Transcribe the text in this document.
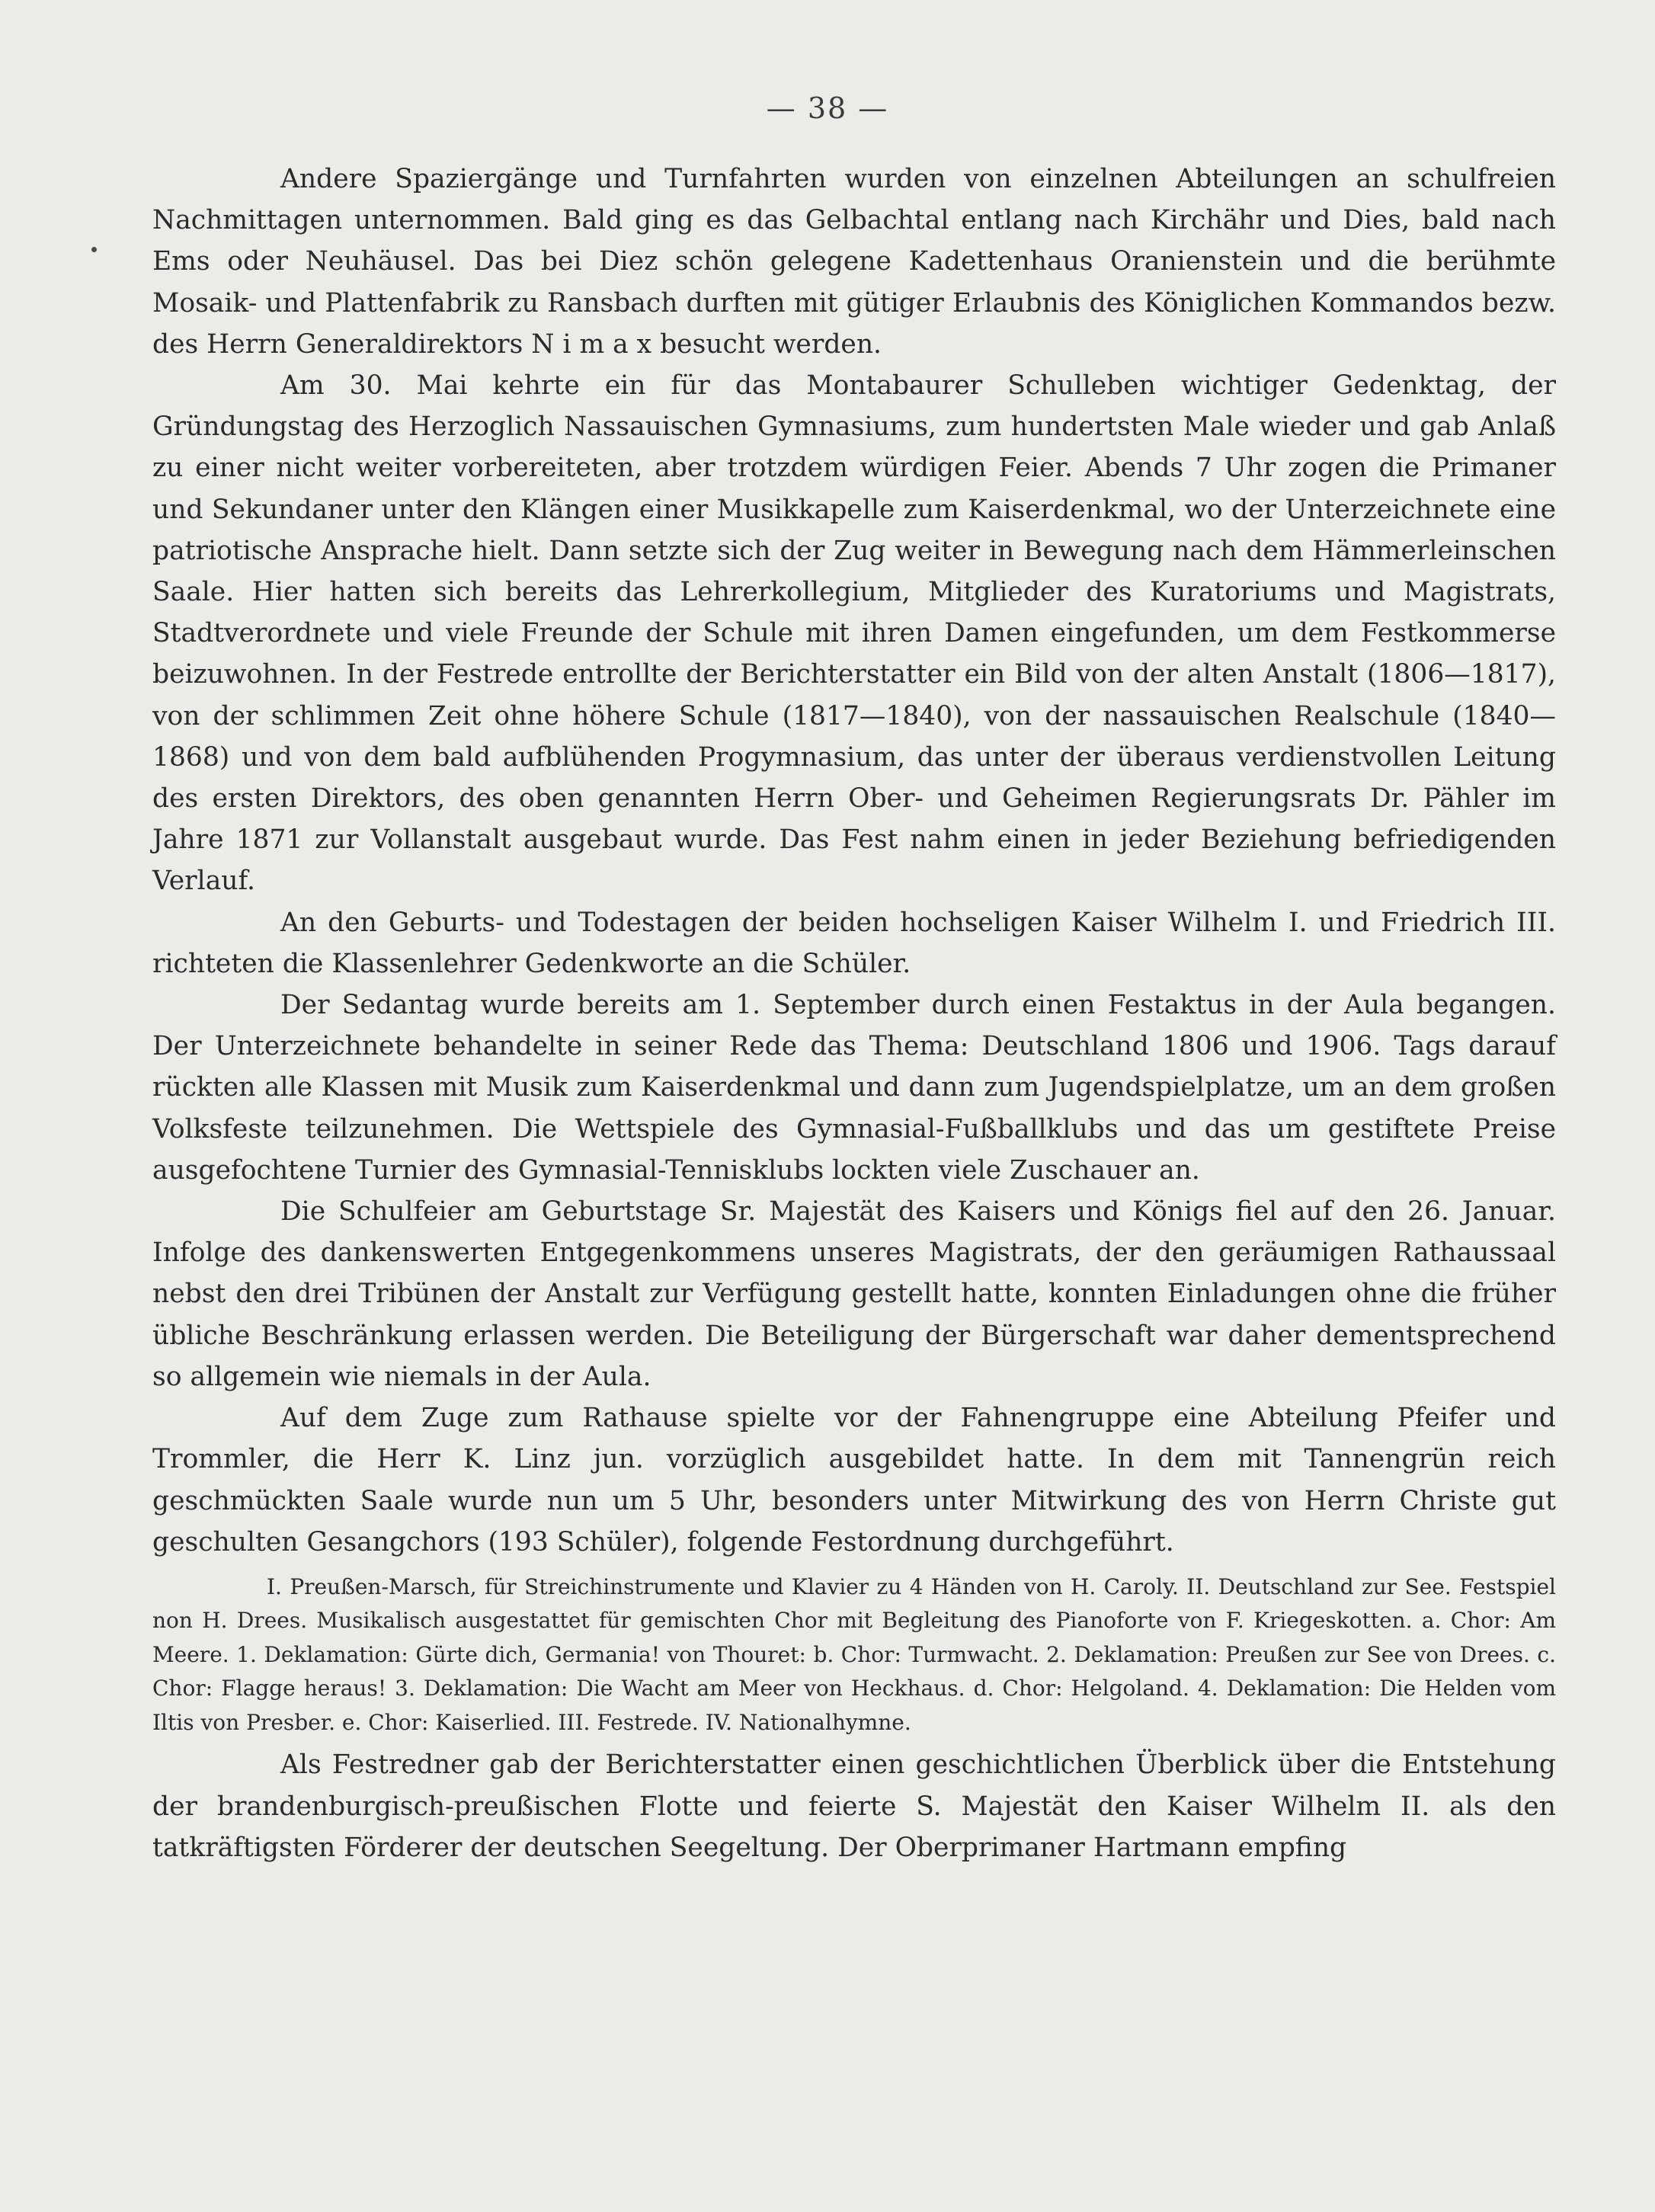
— 38 —

Andere Spaziergänge und Turnfahrten wurden von einzelnen Abteilungen an schulfreien Nachmittagen unternommen. Bald ging es das Gelbachtal entlang nach Kirchähr und Dies, bald nach Ems oder Neuhäusel. Das bei Diez schön gelegene Kadettenhaus Oranienstein und die berühmte Mosaik- und Plattenfabrik zu Ransbach durften mit gütiger Erlaubnis des Königlichen Kommandos bezw. des Herrn Generaldirektors N i m a x besucht werden.

Am 30. Mai kehrte ein für das Montabaurer Schulleben wichtiger Gedenktag, der Gründungstag des Herzoglich Nassauischen Gymnasiums, zum hundertsten Male wieder und gab Anlaß zu einer nicht weiter vorbereiteten, aber trotzdem würdigen Feier. Abends 7 Uhr zogen die Primaner und Sekundaner unter den Klängen einer Musikkapelle zum Kaiserdenkmal, wo der Unterzeichnete eine patriotische Ansprache hielt. Dann setzte sich der Zug weiter in Bewegung nach dem Hämmerleinschen Saale. Hier hatten sich bereits das Lehrerkollegium, Mitglieder des Kuratoriums und Magistrats, Stadtverordnete und viele Freunde der Schule mit ihren Damen eingefunden, um dem Festkommerse beizuwohnen. In der Festrede entrollte der Berichterstatter ein Bild von der alten Anstalt (1806—1817), von der schlimmen Zeit ohne höhere Schule (1817—1840), von der nassauischen Realschule (1840—1868) und von dem bald aufblühenden Progymnasium, das unter der überaus verdienstvollen Leitung des ersten Direktors, des oben genannten Herrn Ober- und Geheimen Regierungsrats Dr. Pähler im Jahre 1871 zur Vollanstalt ausgebaut wurde. Das Fest nahm einen in jeder Beziehung befriedigenden Verlauf.

An den Geburts- und Todestagen der beiden hochseligen Kaiser Wilhelm I. und Friedrich III. richteten die Klassenlehrer Gedenkworte an die Schüler.

Der Sedantag wurde bereits am 1. September durch einen Festaktus in der Aula begangen. Der Unterzeichnete behandelte in seiner Rede das Thema: Deutschland 1806 und 1906. Tags darauf rückten alle Klassen mit Musik zum Kaiserdenkmal und dann zum Jugendspielplatze, um an dem großen Volksfeste teilzunehmen. Die Wettspiele des Gymnasial-Fußballklubs und das um gestiftete Preise ausgefochtene Turnier des Gymnasial-Tennisklubs lockten viele Zuschauer an.

Die Schulfeier am Geburtstage Sr. Majestät des Kaisers und Königs fiel auf den 26. Januar. Infolge des dankenswerten Entgegenkommens unseres Magistrats, der den geräumigen Rathaussaal nebst den drei Tribünen der Anstalt zur Verfügung gestellt hatte, konnten Einladungen ohne die früher übliche Beschränkung erlassen werden. Die Beteiligung der Bürgerschaft war daher dementsprechend so allgemein wie niemals in der Aula.

Auf dem Zuge zum Rathause spielte vor der Fahnengruppe eine Abteilung Pfeifer und Trommler, die Herr K. Linz jun. vorzüglich ausgebildet hatte. In dem mit Tannengrün reich geschmückten Saale wurde nun um 5 Uhr, besonders unter Mitwirkung des von Herrn Christe gut geschulten Gesangchors (193 Schüler), folgende Festordnung durchgeführt.

I. Preußen-Marsch, für Streichinstrumente und Klavier zu 4 Händen von H. Caroly. II. Deutschland zur See. Festspiel non H. Drees. Musikalisch ausgestattet für gemischten Chor mit Begleitung des Pianoforte von F. Kriegeskotten. a. Chor: Am Meere. 1. Deklamation: Gürte dich, Germania! von Thouret: b. Chor: Turmwacht. 2. Deklamation: Preußen zur See von Drees. c. Chor: Flagge heraus! 3. Deklamation: Die Wacht am Meer von Heckhaus. d. Chor: Helgoland. 4. Deklamation: Die Helden vom Iltis von Presber. e. Chor: Kaiserlied. III. Festrede. IV. Nationalhymne.

Als Festredner gab der Berichterstatter einen geschichtlichen Überblick über die Entstehung der brandenburgisch-preußischen Flotte und feierte S. Majestät den Kaiser Wilhelm II. als den tatkräftigsten Förderer der deutschen Seegeltung. Der Oberprimaner Hartmann empfing
